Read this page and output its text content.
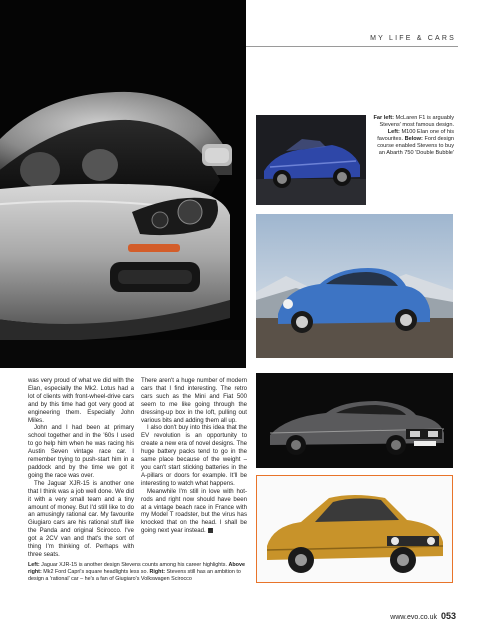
MY LIFE & CARS
Far left: McLaren F1 is arguably Stevens' most famous design. Left: M100 Elan one of his favourites. Below: Ford design course enabled Stevens to buy an Abarth 750 'Double Bubble'

was very proud of what we did with the Elan, especially the Mk2. Lotus had a lot of clients with front-wheel-drive cars and by this time had got very good at engineering them. Especially John Miles.

John and I had been at primary school together and in the '60s I used to go help him when he was racing his Austin Seven vintage race car. I remember trying to push-start him in a paddock and by the time we got it going the race was over.

The Jaguar XJR-15 is another one that I think was a job well done. We did it with a very small team and a tiny amount of money. But I'd still like to do an amusingly rational car. My favourite Giugiaro cars are his rational stuff like the Panda and original Scirocco. I've got a 2CV van and that's the sort of thing I'm thinking of. Perhaps with three seats.

There aren't a huge number of modern cars that I find interesting. The retro cars such as the Mini and Fiat 500 seem to me like going through the dressing-up box in the loft, pulling out various bits and adding them all up.

I also don't buy into this idea that the EV revolution is an opportunity to create a new era of novel designs. The huge battery packs tend to go in the same place because of the weight – you can't start sticking batteries in the A-pillars or doors for example. It'll be interesting to watch what happens.

Meanwhile I'm still in love with hot-rods and right now should have been at a vintage beach race in France with my Model T roadster, but the virus has knocked that on the head. I shall be going next year instead.

Left: Jaguar XJR-15 is another design Stevens counts among his career highlights. Above right: Mk2 Ford Capri's square headlights less so. Right: Stevens still has an ambition to design a 'rational' car – he's a fan of Giugiaro's Volkswagen Scirocco
www.evo.co.uk 053
